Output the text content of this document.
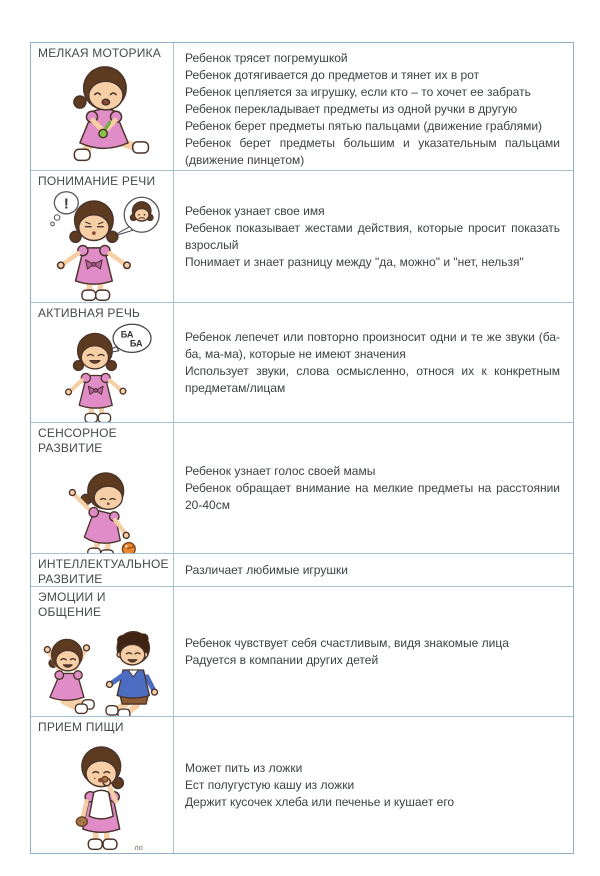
МЕЛКАЯ МОТОРИКА Ребенок трясет погремушкой

Ребенок дотягивается до предметов и тянет их в рот

Ребенок цепляется за игрушку, если кто – то хочет ее забрать

Ребенок перекладывает предметы из одной ручки в другую

Ребенок берет предметы пятью пальцами (движение граблями)

Ребенок берет предметы большим и указательным пальцами (движение пинцетом)

ПОНИМАНИЕ РЕЧИ
!	Ребенок узнает свое имя

Ребенок показывает жестами действия, которые просит показать взрослый

Понимает и знает разницу между "да, можно" и "нет, нельзя"

АКТИВНАЯ РЕЧЬ
БА
БА	Ребенок лепечет или повторно произносит одни и те же звуки (ба-ба, ма-ма), которые не имеют значения

Использует звуки, слова осмысленно, относя их к конкретным предметам/лицам

СЕНСОРНОЕ РАЗВИТИЕ

Ребенок узнает голос своей мамы

Ребенок обращает внимание на мелкие предметы на расстоянии 20-40см

ИНТЕЛЛЕКТУАЛЬНОЕ РАЗВИТИЕ

Различает любимые игрушки

ЭМОЦИИ И ОБЩЕНИЕ

Ребенок чувствует себя счастливым, видя знакомые лица

Радуется в компании других детей

ПРИЕМ ПИЩИ
ло

Может пить из ложки

Ест полугустую кашу из ложки

Держит кусочек хлеба или печенье и кушает его
